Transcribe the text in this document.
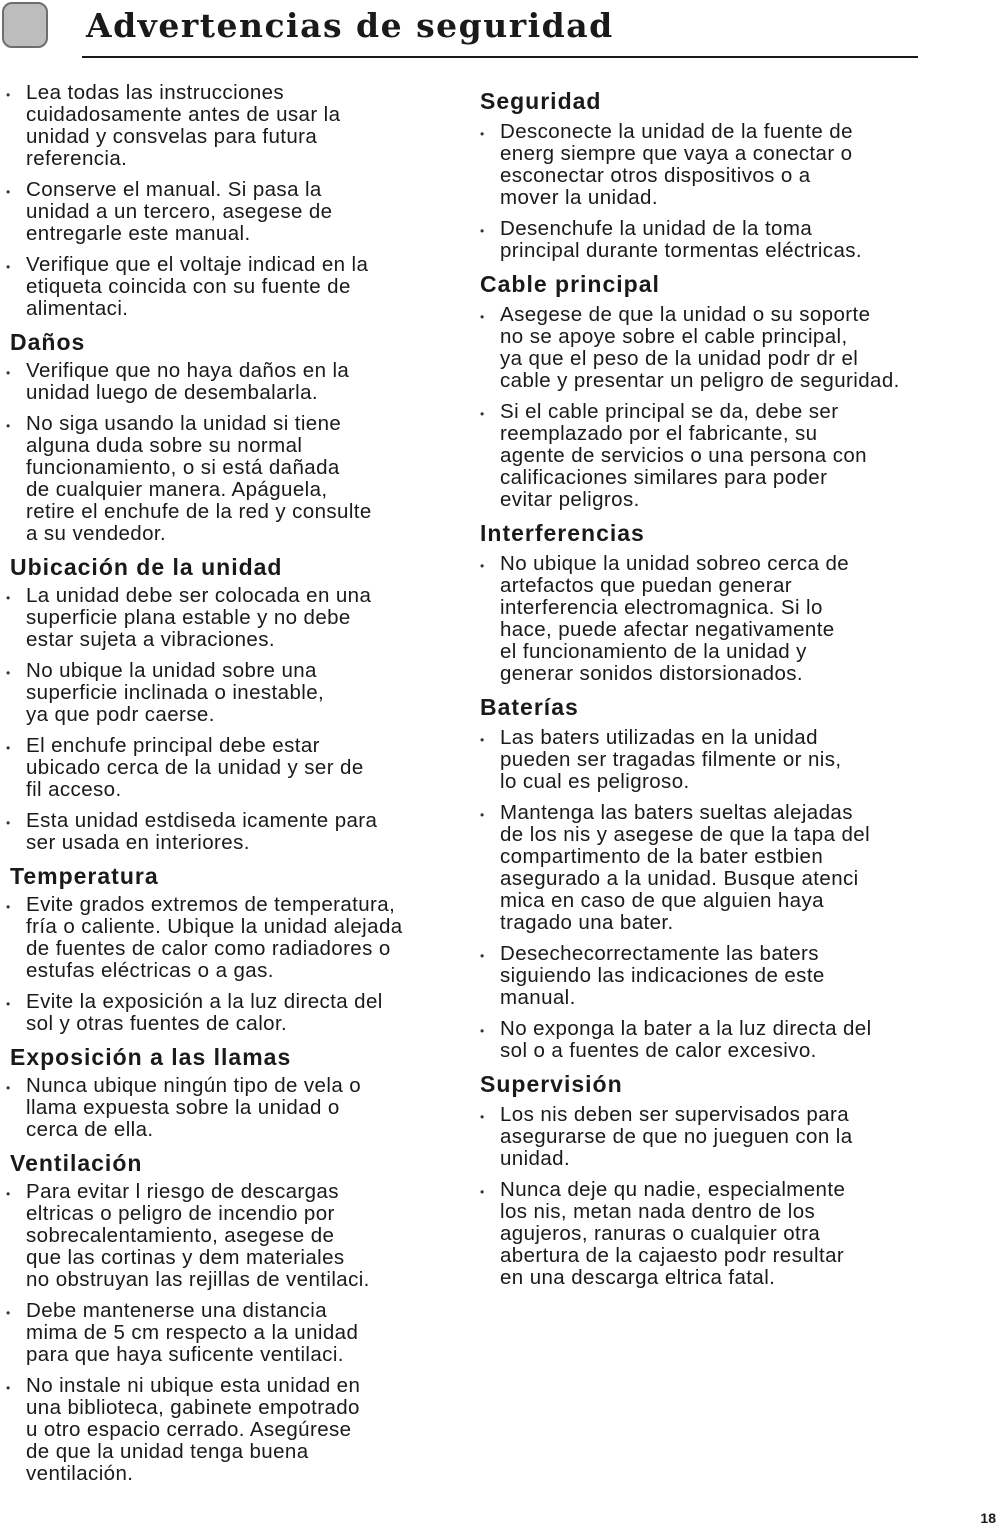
Advertencias de seguridad
• Lea todas las instrucciones
cuidadosamente antes de usar la
unidad y consvelas para futura
referencia.
• Conserve el manual. Si pasa la
unidad a un tercero, asegese de
entregarle este manual.
• Verifique que el voltaje indicad en la
etiqueta coincida con su fuente de
alimentaci.
Daños
• Verifique que no haya daños en la
unidad luego de desembalarla.
• No siga usando la unidad si tiene
alguna duda sobre su normal
funcionamiento, o si está dañada
de cualquier manera. Apáguela,
retire el enchufe de la red y consulte
a su vendedor.
Ubicación de la unidad
• La unidad debe ser colocada en una
superficie plana estable y no debe
estar sujeta a vibraciones.
• No ubique la unidad sobre una
superficie inclinada o inestable,
ya que podr caerse.
• El enchufe principal debe estar
ubicado cerca de la unidad y ser de
fil acceso.
• Esta unidad estdiseda icamente para
ser usada en interiores.
Temperatura
• Evite grados extremos de temperatura,
fría o caliente. Ubique la unidad alejada
de fuentes de calor como radiadores o
estufas eléctricas o a gas.
• Evite la exposición a la luz directa del
sol y otras fuentes de calor.
Exposición a las llamas
• Nunca ubique ningún tipo de vela o
llama expuesta sobre la unidad o
cerca de ella.
Ventilación
• Para evitar l riesgo de descargas
eltricas o peligro de incendio por
sobrecalentamiento, asegese de
que las cortinas y dem materiales
no obstruyan las rejillas de ventilaci.
• Debe mantenerse una distancia
mima de 5 cm respecto a la unidad
para que haya suficente ventilaci.
• No instale ni ubique esta unidad en
una biblioteca, gabinete empotrado
u otro espacio cerrado. Asegúrese
de que la unidad tenga buena
ventilación.
Seguridad
• Desconecte la unidad de la fuente de
energ siempre que vaya a conectar o
esconectar otros dispositivos o a
mover la unidad.
• Desenchufe la unidad de la toma
principal durante tormentas eléctricas.
Cable principal
• Asegese de que la unidad o su soporte
no se apoye sobre el cable principal,
ya que el peso de la unidad podr dr el
cable y presentar un peligro de seguridad.
• Si el cable principal se da, debe ser
reemplazado por el fabricante, su
agente de servicios o una persona con
calificaciones similares para poder
evitar peligros.
Interferencias
• No ubique la unidad sobreo cerca de
artefactos que puedan generar
interferencia electromagnica. Si lo
hace, puede afectar negativamente
el funcionamiento de la unidad y
generar sonidos distorsionados.
Baterías
• Las baters utilizadas en la unidad
pueden ser tragadas filmente or nis,
lo cual es peligroso.
• Mantenga las baters sueltas alejadas
de los nis y asegese de que la tapa del
compartimento de la bater estbien
asegurado a la unidad. Busque atenci
mica en caso de que alguien haya
tragado una bater.
• Desechecorrectamente las baters
siguiendo las indicaciones de este
manual.
• No exponga la bater a la luz directa del
sol o a fuentes de calor excesivo.
Supervisión
• Los nis deben ser supervisados para
asegurarse de que no jueguen con la
unidad.
• Nunca deje qu nadie, especialmente
los nis, metan nada dentro de los
agujeros, ranuras o cualquier otra
abertura de la cajaesto podr resultar
en una descarga eltrica fatal.
18
